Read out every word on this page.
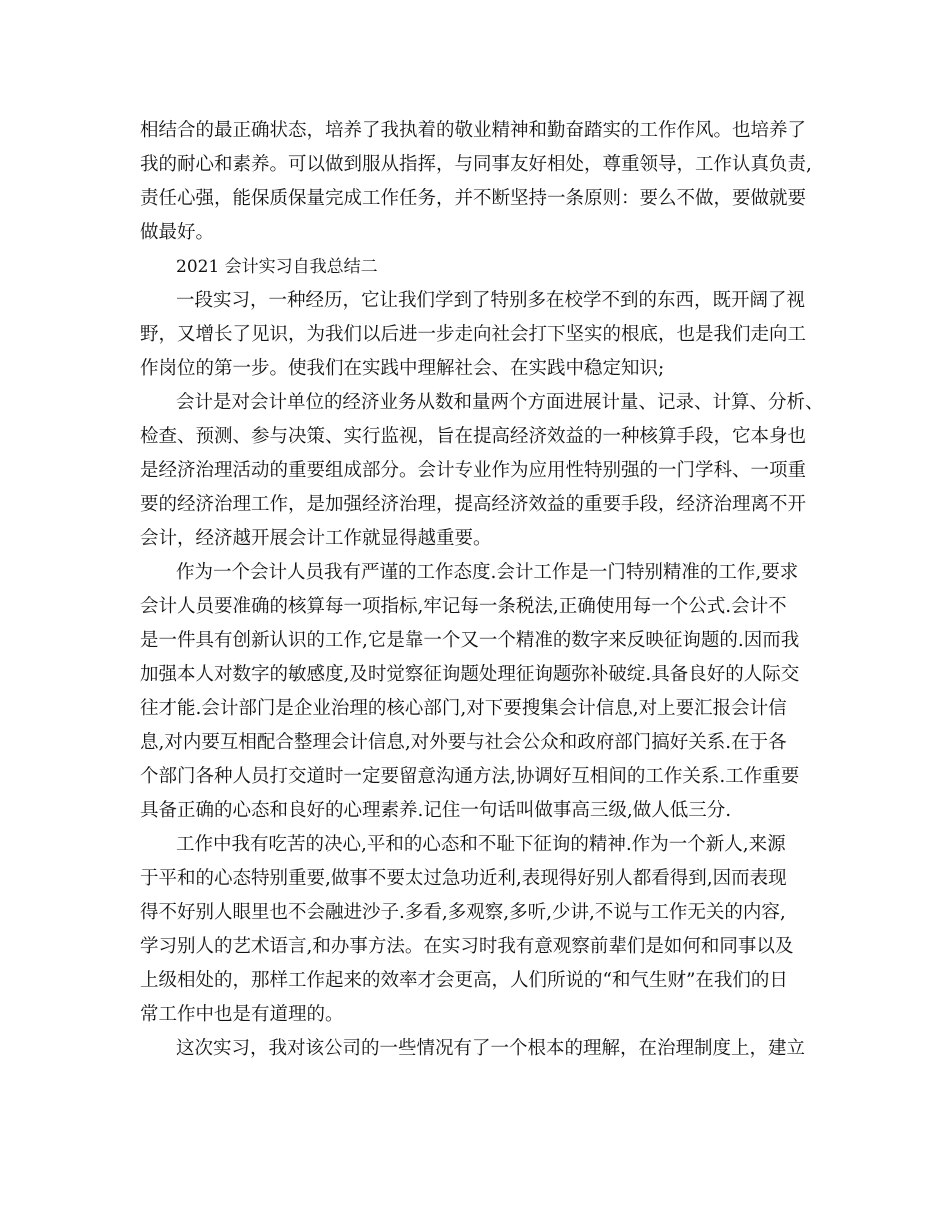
相结合的最正确状态，培养了我执着的敬业精神和勤奋踏实的工作作风。也培养了
我的耐心和素养。可以做到服从指挥，与同事友好相处，尊重领导，工作认真负责,
责任心强，能保质保量完成工作任务，并不断坚持一条原则：要么不做，要做就要
做最好。
2021 会计实习自我总结二
一段实习，一种经历，它让我们学到了特别多在校学不到的东西，既开阔了视
野，又增长了见识，为我们以后进一步走向社会打下坚实的根底，也是我们走向工
作岗位的第一步。使我们在实践中理解社会、在实践中稳定知识;
会计是对会计单位的经济业务从数和量两个方面进展计量、记录、计算、分析、
检查、预测、参与决策、实行监视，旨在提高经济效益的一种核算手段，它本身也
是经济治理活动的重要组成部分。会计专业作为应用性特别强的一门学科、一项重
要的经济治理工作，是加强经济治理，提高经济效益的重要手段，经济治理离不开
会计，经济越开展会计工作就显得越重要。
作为一个会计人员我有严谨的工作态度.会计工作是一门特别精准的工作,要求
会计人员要准确的核算每一项指标,牢记每一条税法,正确使用每一个公式.会计不
是一件具有创新认识的工作,它是靠一个又一个精准的数字来反映征询题的.因而我
加强本人对数字的敏感度,及时觉察征询题处理征询题弥补破绽.具备良好的人际交
往才能.会计部门是企业治理的核心部门,对下要搜集会计信息,对上要汇报会计信
息,对内要互相配合整理会计信息,对外要与社会公众和政府部门搞好关系.在于各
个部门各种人员打交道时一定要留意沟通方法,协调好互相间的工作关系.工作重要
具备正确的心态和良好的心理素养.记住一句话叫做事高三级,做人低三分.
工作中我有吃苦的决心,平和的心态和不耻下征询的精神.作为一个新人,来源
于平和的心态特别重要,做事不要太过急功近利,表现得好别人都看得到,因而表现
得不好别人眼里也不会融进沙子.多看,多观察,多听,少讲,不说与工作无关的内容,
学习别人的艺术语言,和办事方法。在实习时我有意观察前辈们是如何和同事以及
上级相处的，那样工作起来的效率才会更高，人们所说的“和气生财”在我们的日
常工作中也是有道理的。
这次实习，我对该公司的一些情况有了一个根本的理解，在治理制度上，建立
